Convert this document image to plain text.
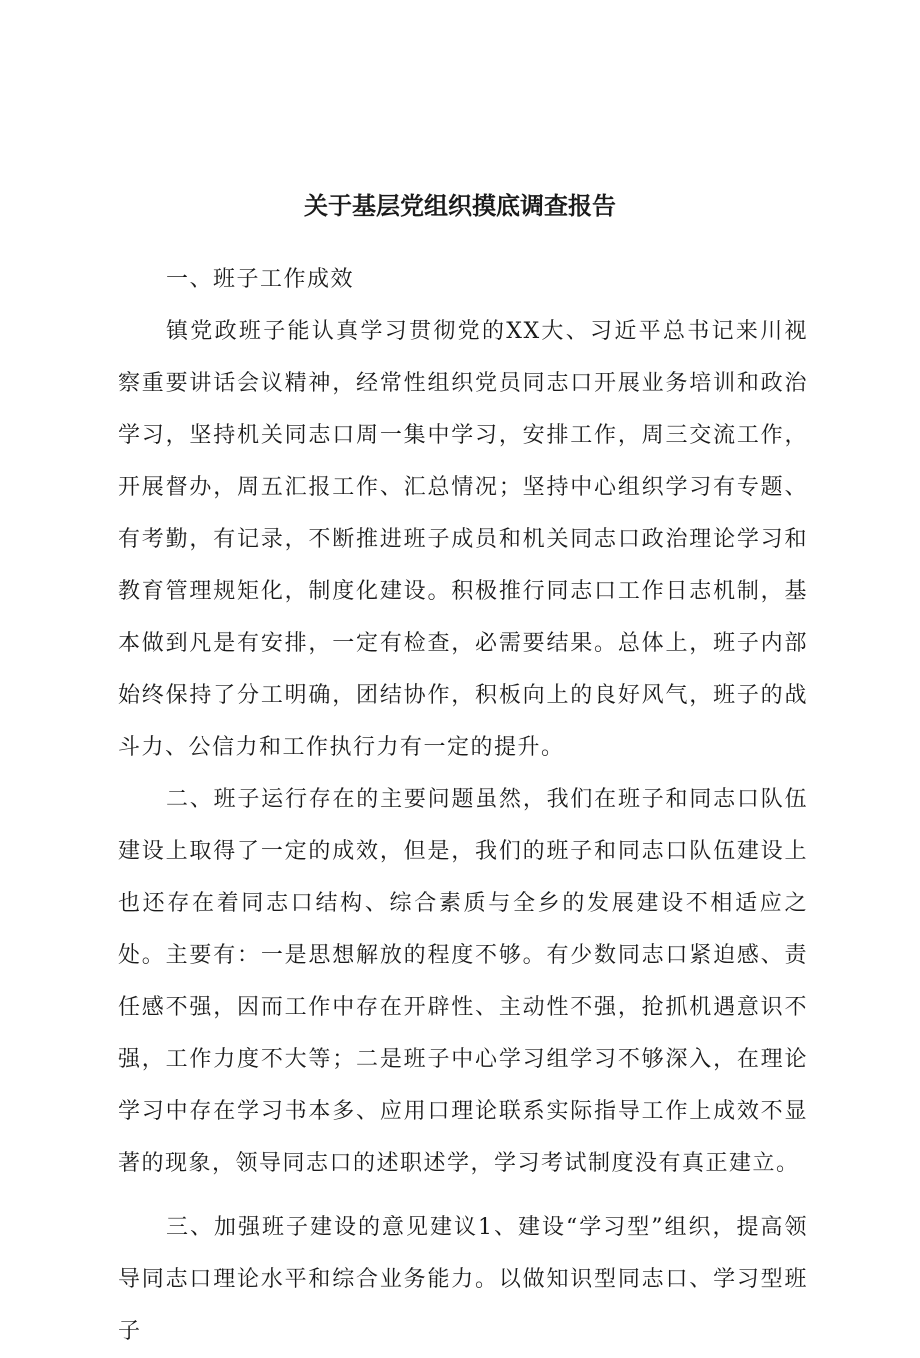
关于基层党组织摸底调查报告

一、班子工作成效

镇党政班子能认真学习贯彻党的XX大、习近平总书记来川视察重要讲话会议精神，经常性组织党员同志口开展业务培训和政治学习，坚持机关同志口周一集中学习，安排工作，周三交流工作，开展督办，周五汇报工作、汇总情况；坚持中心组织学习有专题、有考勤，有记录，不断推进班子成员和机关同志口政治理论学习和教育管理规矩化，制度化建设。积极推行同志口工作日志机制，基本做到凡是有安排，一定有检查，必需要结果。总体上，班子内部始终保持了分工明确，团结协作，积板向上的良好风气，班子的战斗力、公信力和工作执行力有一定的提升。

二、班子运行存在的主要问题虽然，我们在班子和同志口队伍建设上取得了一定的成效，但是，我们的班子和同志口队伍建设上也还存在着同志口结构、综合素质与全乡的发展建设不相适应之处。主要有：一是思想解放的程度不够。有少数同志口紧迫感、责任感不强，因而工作中存在开辟性、主动性不强，抢抓机遇意识不强，工作力度不大等；二是班子中心学习组学习不够深入，在理论学习中存在学习书本多、应用口理论联系实际指导工作上成效不显著的现象，领导同志口的述职述学，学习考试制度没有真正建立。

三、加强班子建设的意见建议1、建设“学习型”组织，提高领导同志口理论水平和综合业务能力。以做知识型同志口、学习型班子
